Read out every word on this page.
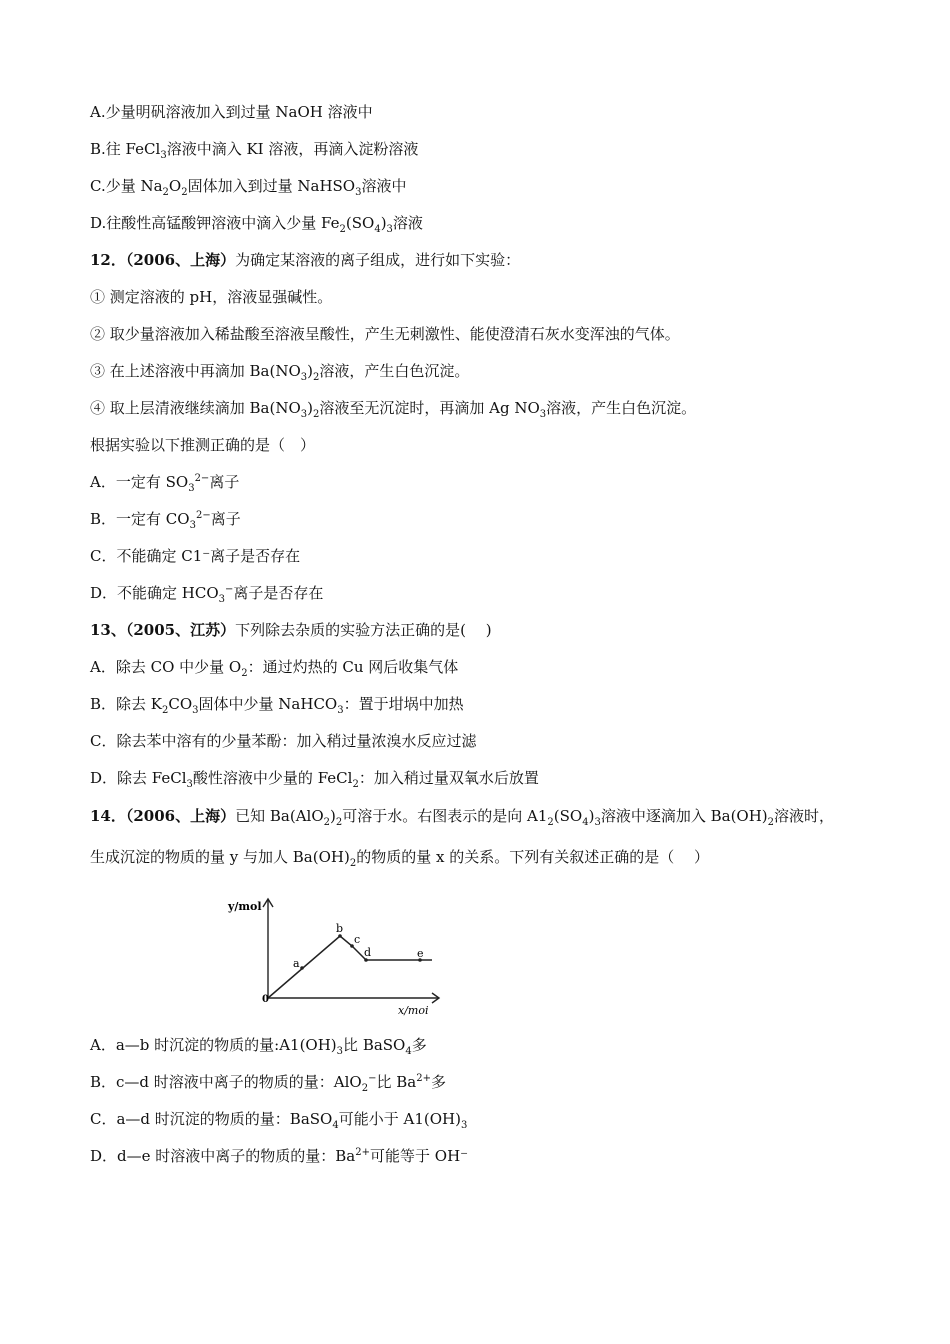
A.少量明矾溶液加入到过量 NaOH 溶液中
B.往 FeCl$_3$溶液中滴入 KI 溶液，再滴入淀粉溶液
C.少量 $Na_2O_2$固体加入到过量 NaHSO$_3$溶液中
D.往酸性高锰酸钾溶液中滴入少量 $Fe_2(SO_4)_3$溶液
12．（2006、上海）为确定某溶液的离子组成，进行如下实验：
① 测定溶液的 pH，溶液显强碱性。
② 取少量溶液加入稀盐酸至溶液呈酸性，产生无刺激性、能使澄清石灰水变浑浊的气体。
③ 在上述溶液中再滴加 $Ba(NO_3)_2$溶液，产生白色沉淀。
④ 取上层清液继续滴加 $Ba(NO_3)_2$溶液至无沉淀时，再滴加 Ag $NO_3$溶液，产生白色沉淀。
根据实验以下推测正确的是（　）
A．一定有 $SO_3^{2-}$离子
B．一定有 $CO_3^{2-}$离子
C．不能确定 C1⁻离子是否存在
D．不能确定 $HCO_3^-$离子是否存在
13、（2005、江苏）下列除去杂质的实验方法正确的是(　 )
A．除去 CO 中少量 $O_2$：通过灼热的 Cu 网后收集气体
B．除去 $K_2CO_3$固体中少量 NaHCO$_3$：置于坩埚中加热
C．除去苯中溶有的少量苯酚：加入稍过量浓溴水反应过滤
D．除去 FeCl$_3$酸性溶液中少量的 FeCl$_2$：加入稍过量双氧水后放置
14．（2006、上海）已知 $Ba(AlO_2)_2$可溶于水。右图表示的是向 $A1_2(SO_4)_3$溶液中逐滴加入 $Ba(OH)_2$溶液时，
生成沉淀的物质的量 y 与加人 $Ba(OH)_2$的物质的量 x 的关系。下列有关叙述正确的是（　 ）
y/mol
x/moi
0
a
b
c
d	e
A．a—b 时沉淀的物质的量$:A1(OH)_3$比 BaSO$_4$多
B．c—d 时溶液中离子的物质的量：AlO$_2$−比 $Ba^{2+}$多
C．a—d 时沉淀的物质的量：BaSO$_4$可能小于 $A1(OH)_3$
D．d—e 时溶液中离子的物质的量：$Ba^{2+}$可能等于 OH⁻
